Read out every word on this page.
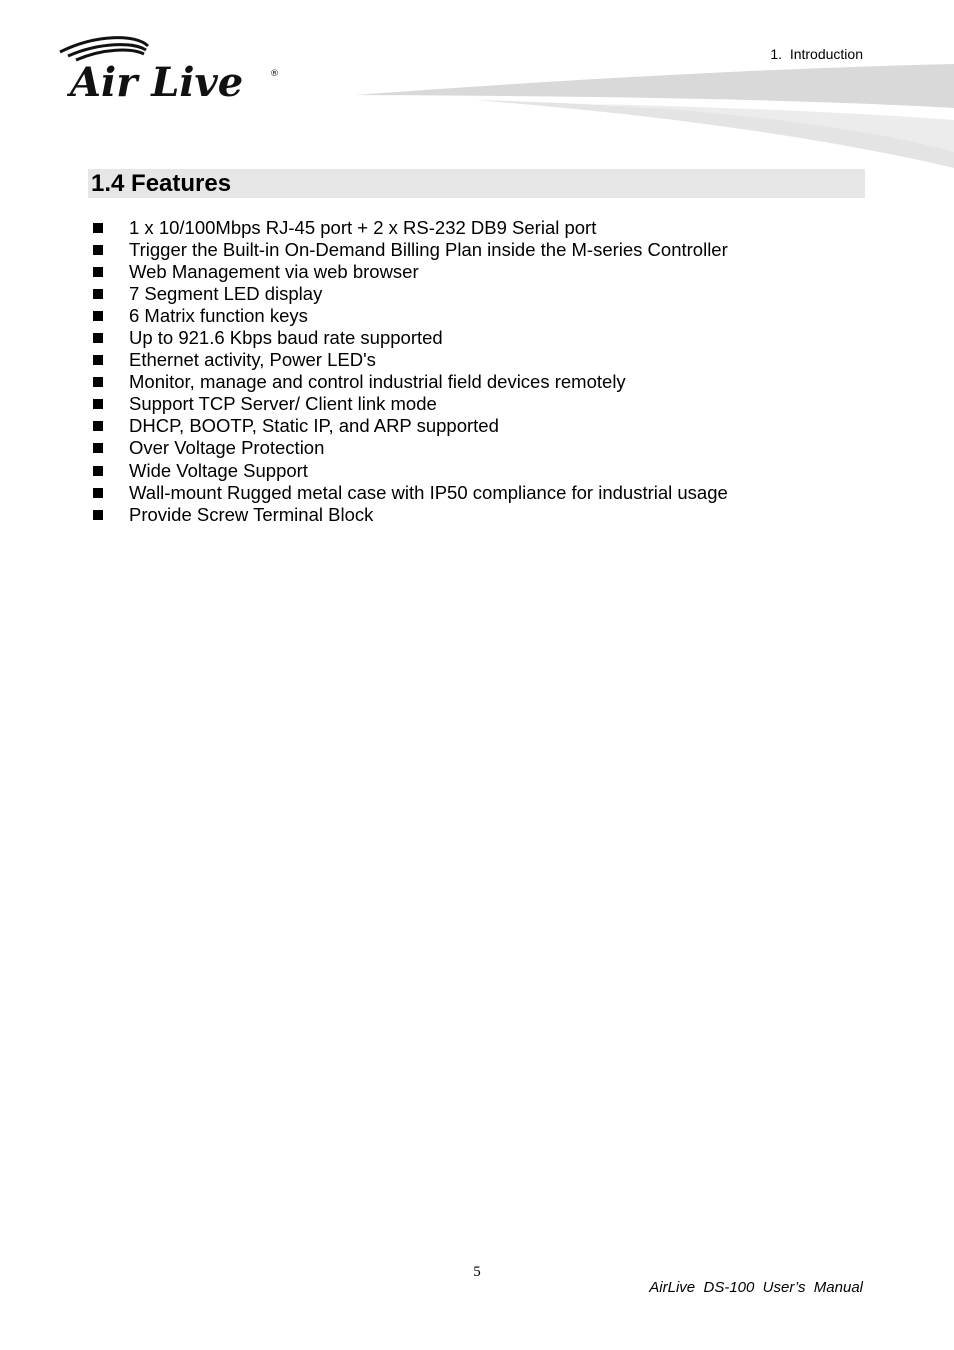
Air Live	®
1.  Introduction
1.4 Features
1 x 10/100Mbps RJ-45 port + 2 x RS-232 DB9 Serial port
Trigger the Built-in On-Demand Billing Plan inside the M-series Controller
Web Management via web browser
7 Segment LED display
6 Matrix function keys
Up to 921.6 Kbps baud rate supported
Ethernet activity, Power LED's
Monitor, manage and control industrial field devices remotely
Support TCP Server/ Client link mode
DHCP, BOOTP, Static IP, and ARP supported
Over Voltage Protection
Wide Voltage Support
Wall-mount Rugged metal case with IP50 compliance for industrial usage
Provide Screw Terminal Block
5
AirLive  DS-100  User’s  Manual
